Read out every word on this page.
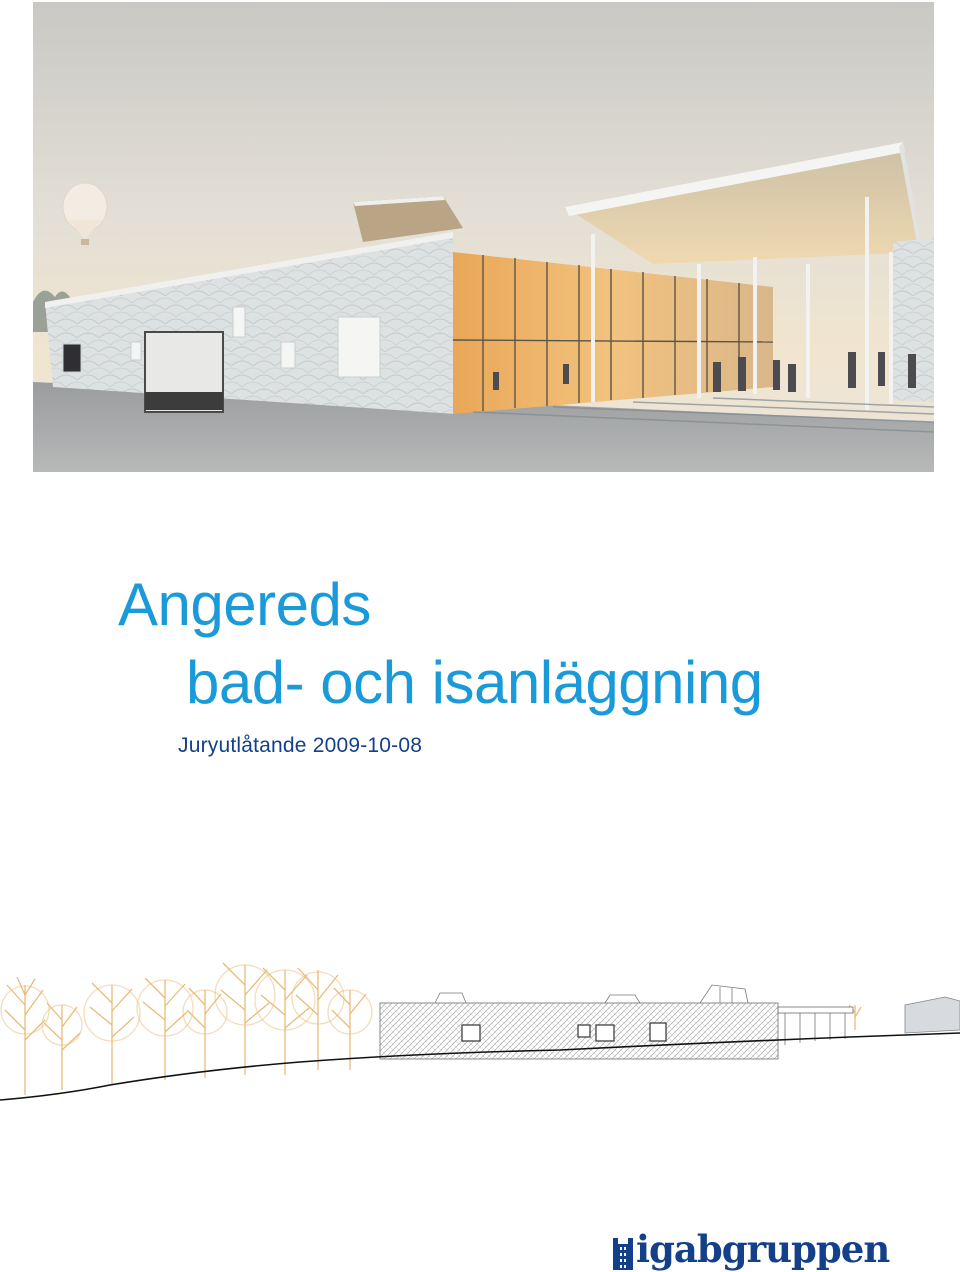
Angereds
bad- och isanläggning
Juryutlåtande 2009-10-08
igabgruppen
